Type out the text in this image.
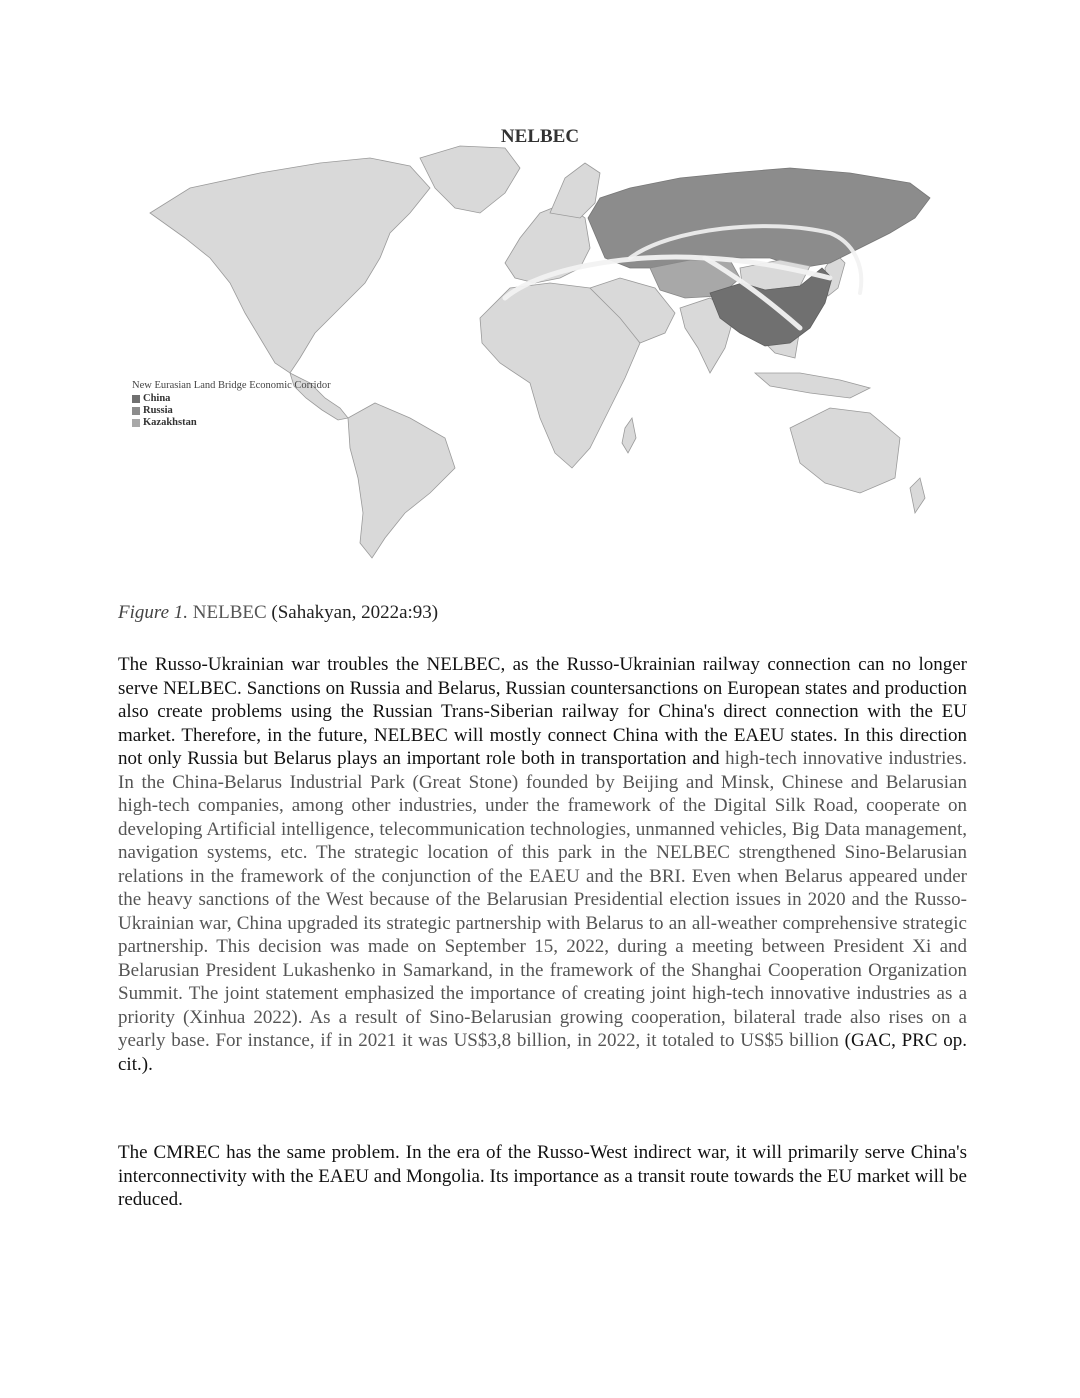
NELBEC
New Eurasian Land Bridge Economic Corridor
China
Russia
Kazakhstan
Figure 1. NELBEC (Sahakyan, 2022a:93)

The Russo-Ukrainian war troubles the NELBEC, as the Russo-Ukrainian railway connection can no longer serve NELBEC. Sanctions on Russia and Belarus, Russian countersanctions on European states and production also create problems using the Russian Trans-Siberian railway for China's direct connection with the EU market. Therefore, in the future, NELBEC will mostly connect China with the EAEU states. In this direction not only Russia but Belarus plays an important role both in transportation and high-tech innovative industries. In the China-Belarus Industrial Park (Great Stone) founded by Beijing and Minsk, Chinese and Belarusian high-tech companies, among other industries, under the framework of the Digital Silk Road, cooperate on developing Artificial intelligence, telecommunication technologies, unmanned vehicles, Big Data management, navigation systems, etc. The strategic location of this park in the NELBEC strengthened Sino-Belarusian relations in the framework of the conjunction of the EAEU and the BRI. Even when Belarus appeared under the heavy sanctions of the West because of the Belarusian Presidential election issues in 2020 and the Russo-Ukrainian war, China upgraded its strategic partnership with Belarus to an all-weather comprehensive strategic partnership. This decision was made on September 15, 2022, during a meeting between President Xi and Belarusian President Lukashenko in Samarkand, in the framework of the Shanghai Cooperation Organization Summit. The joint statement emphasized the importance of creating joint high-tech innovative industries as a priority (Xinhua 2022). As a result of Sino-Belarusian growing cooperation, bilateral trade also rises on a yearly base. For instance, if in 2021 it was US$3,8 billion, in 2022, it totaled to US$5 billion (GAC, PRC op. cit.).

The CMREC has the same problem. In the era of the Russo-West indirect war, it will primarily serve China's interconnectivity with the EAEU and Mongolia. Its importance as a transit route towards the EU market will be reduced.
